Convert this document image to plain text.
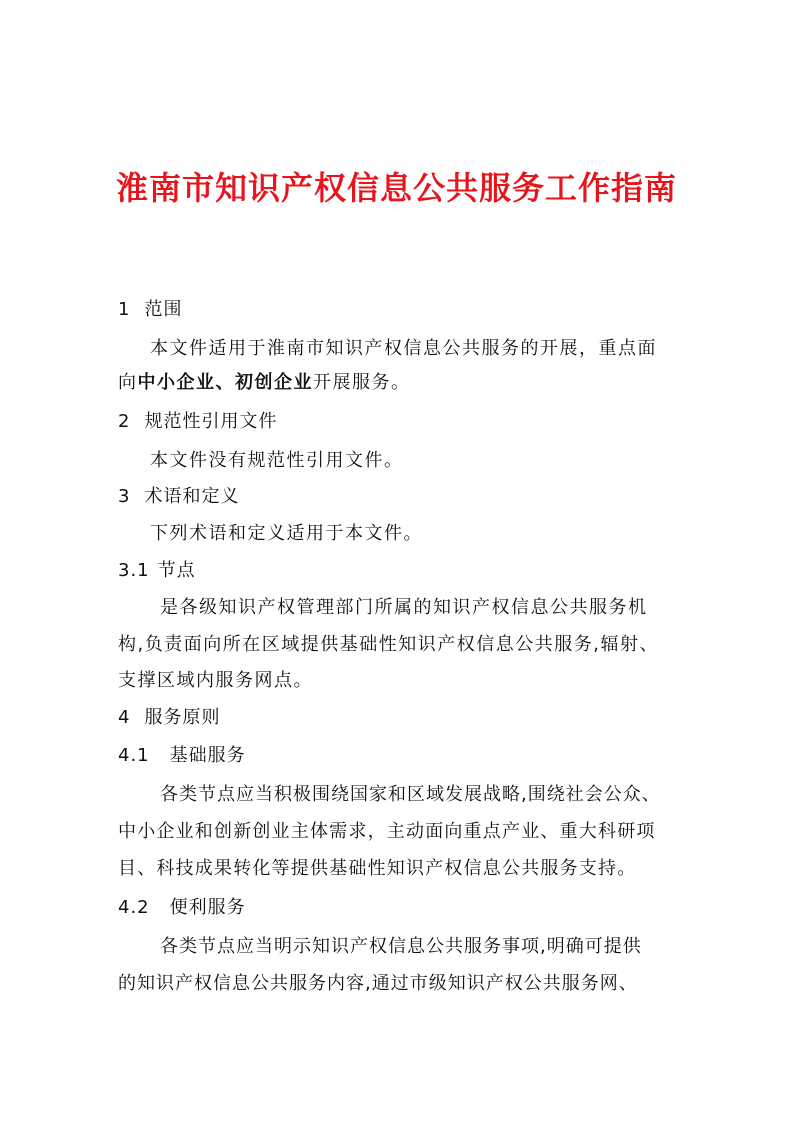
淮南市知识产权信息公共服务工作指南
1 范围
本文件适用于淮南市知识产权信息公共服务的开展，重点面
向中小企业、初创企业开展服务。
2 规范性引用文件
本文件没有规范性引用文件。
3 术语和定义
下列术语和定义适用于本文件。
3.1 节点
是各级知识产权管理部门所属的知识产权信息公共服务机
构,负责面向所在区域提供基础性知识产权信息公共服务,辐射、
支撑区域内服务网点。
4 服务原则
4.1 基础服务
各类节点应当积极围绕国家和区域发展战略,围绕社会公众、
中小企业和创新创业主体需求，主动面向重点产业、重大科研项
目、科技成果转化等提供基础性知识产权信息公共服务支持。
4.2 便利服务
各类节点应当明示知识产权信息公共服务事项,明确可提供
的知识产权信息公共服务内容,通过市级知识产权公共服务网、
